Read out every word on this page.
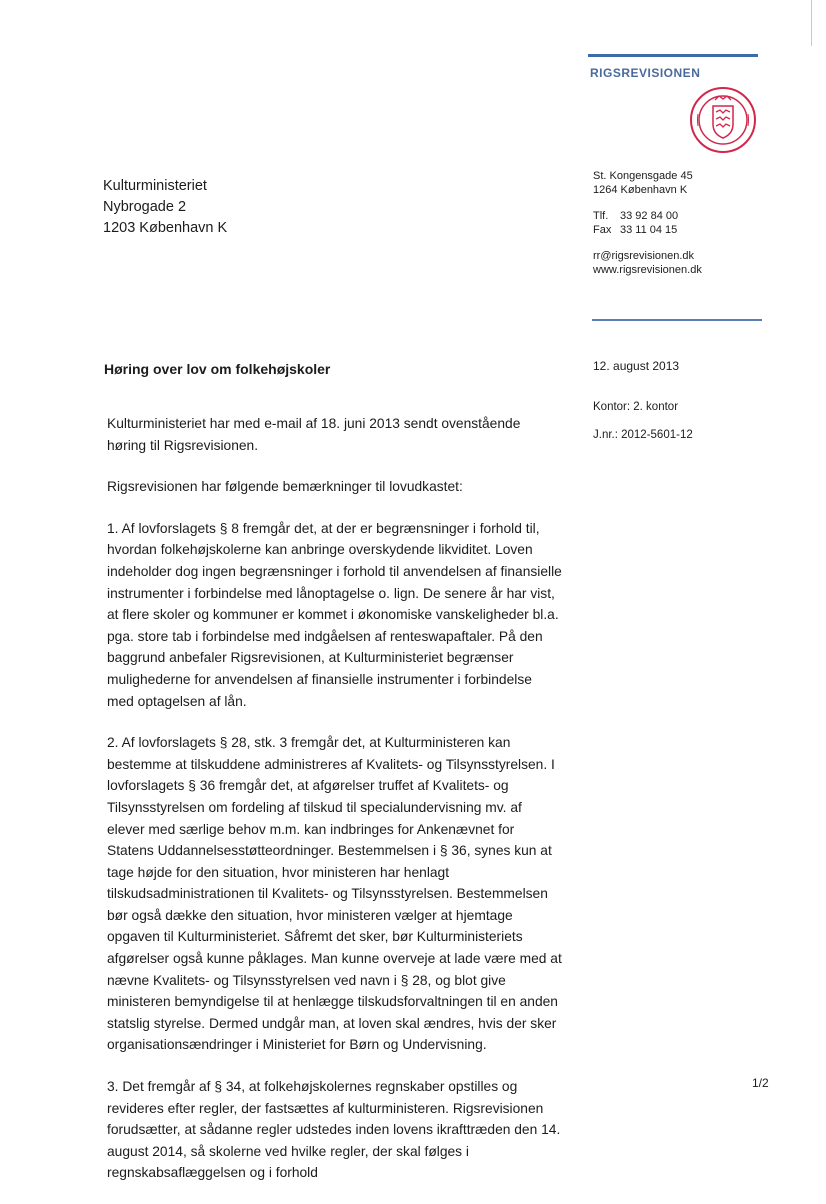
RIGSREVISIONEN
Kulturministeriet
Nybrogade 2
1203 København K
St. Kongensgade 45
1264 København K
Tlf. 33 92 84 00
Fax 33 11 04 15
rr@rigsrevisionen.dk
www.rigsrevisionen.dk
Høring over lov om folkehøjskoler	12. august 2013
Kontor: 2. kontor
J.nr.: 2012-5601-12

Kulturministeriet har med e-mail af 18. juni 2013 sendt ovenstående høring til Rigsrevisionen.

Rigsrevisionen har følgende bemærkninger til lovudkastet:

1. Af lovforslagets § 8 fremgår det, at der er begrænsninger i forhold til, hvordan folkehøjskolerne kan anbringe overskydende likviditet. Loven indeholder dog ingen begrænsninger i forhold til anvendelsen af finansielle instrumenter i forbindelse med lånoptagelse o. lign. De senere år har vist, at flere skoler og kommuner er kommet i økonomiske vanskeligheder bl.a. pga. store tab i forbindelse med indgåelsen af renteswapaftaler. På den baggrund anbefaler Rigsrevisionen, at Kulturministeriet begrænser mulighederne for anvendelsen af finansielle instrumenter i forbindelse med optagelsen af lån.

2. Af lovforslagets § 28, stk. 3 fremgår det, at Kulturministeren kan bestemme at tilskuddene administreres af Kvalitets- og Tilsynsstyrelsen. I lovforslagets § 36 fremgår det, at afgørelser truffet af Kvalitets- og Tilsynsstyrelsen om fordeling af tilskud til specialundervisning mv. af elever med særlige behov m.m. kan indbringes for Ankenævnet for Statens Uddannelsesstøtteordninger. Bestemmelsen i § 36, synes kun at tage højde for den situation, hvor ministeren har henlagt tilskudsadministrationen til Kvalitets- og Tilsynsstyrelsen. Bestemmelsen bør også dække den situation, hvor ministeren vælger at hjemtage opgaven til Kulturministeriet. Såfremt det sker, bør Kulturministeriets afgørelser også kunne påklages. Man kunne overveje at lade være med at nævne Kvalitets- og Tilsynsstyrelsen ved navn i § 28, og blot give ministeren bemyndigelse til at henlægge tilskudsforvaltningen til en anden statslig styrelse. Dermed undgår man, at loven skal ændres, hvis der sker organisationsændringer i Ministeriet for Børn og Undervisning.

3. Det fremgår af § 34, at folkehøjskolernes regnskaber opstilles og revideres efter regler, der fastsættes af kulturministeren. Rigsrevisionen forudsætter, at sådanne regler udstedes inden lovens ikrafttræden den 14. august 2014, så skolerne ved hvilke regler, der skal følges i regnskabsaflæggelsen og i forhold

1/2
